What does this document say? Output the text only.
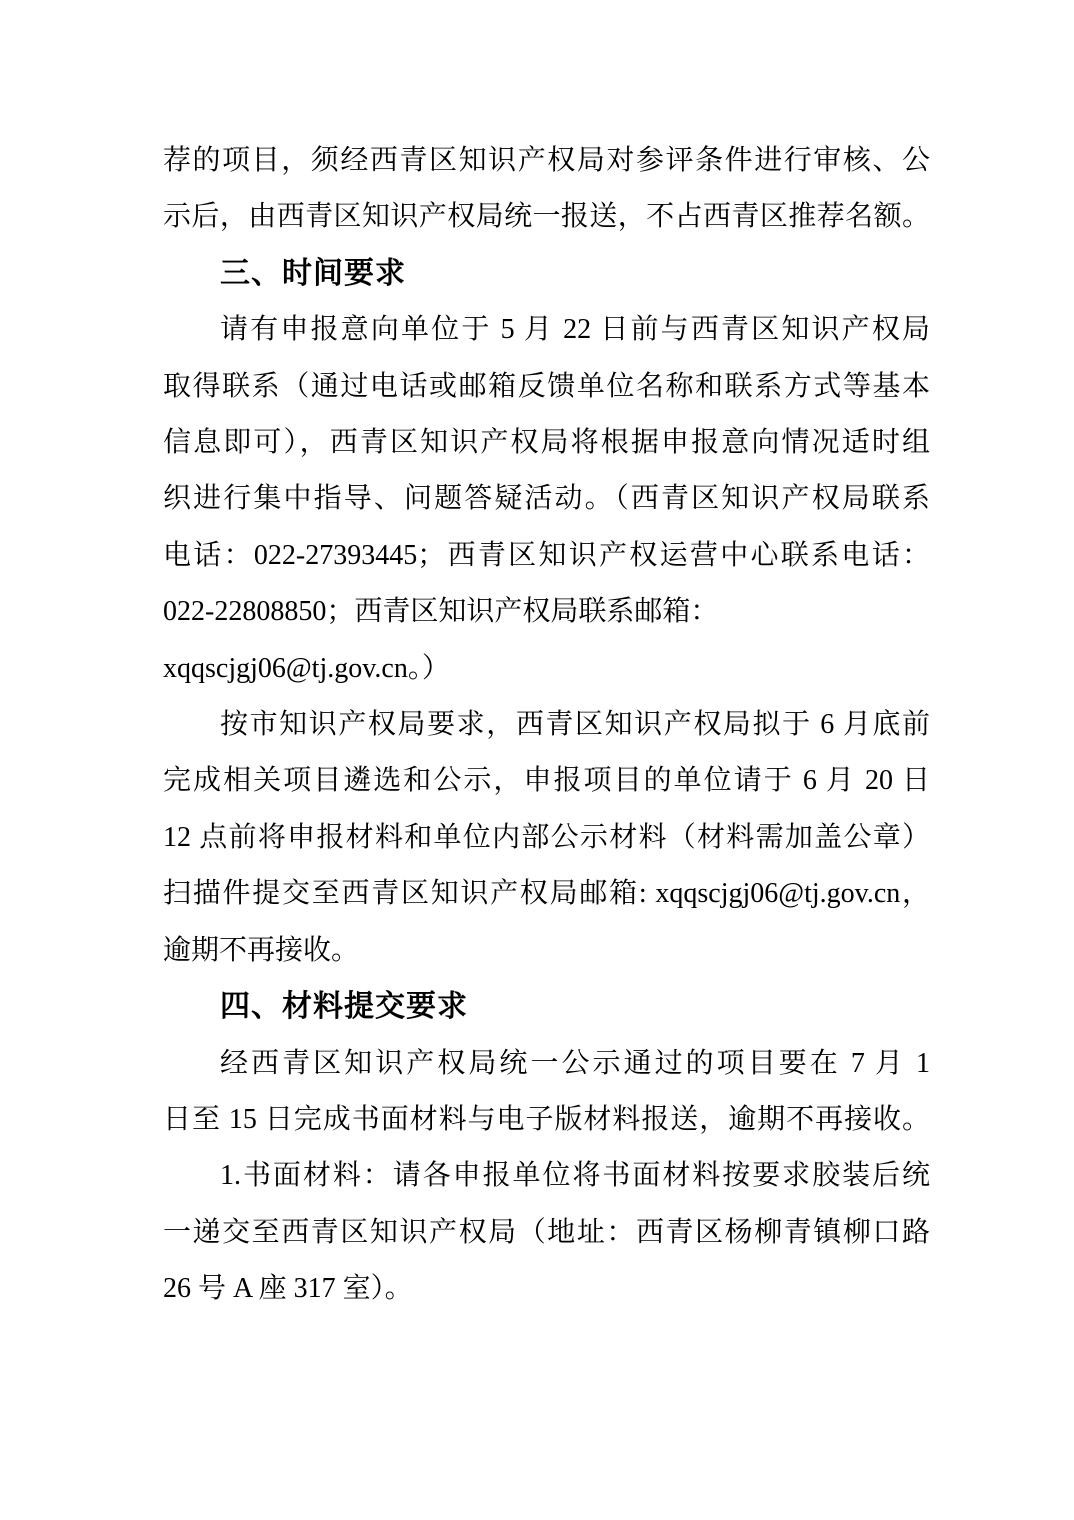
荐的项目，须经西青区知识产权局对参评条件进行审核、公
示后，由西青区知识产权局统一报送，不占西青区推荐名额。
三、时间要求
请有申报意向单位于 5 月 22 日前与西青区知识产权局
取得联系（通过电话或邮箱反馈单位名称和联系方式等基本
信息即可），西青区知识产权局将根据申报意向情况适时组
织进行集中指导、问题答疑活动。（西青区知识产权局联系
电话：022-27393445；西青区知识产权运营中心联系电话：
022-22808850；西青区知识产权局联系邮箱：
xqqscjgj06@tj.gov.cn。）
按市知识产权局要求，西青区知识产权局拟于 6 月底前
完成相关项目遴选和公示，申报项目的单位请于 6 月 20 日
12 点前将申报材料和单位内部公示材料（材料需加盖公章）
扫描件提交至西青区知识产权局邮箱: xqqscjgj06@tj.gov.cn，
逾期不再接收。
四、材料提交要求
经西青区知识产权局统一公示通过的项目要在 7 月 1
日至 15 日完成书面材料与电子版材料报送，逾期不再接收。
1.书面材料：请各申报单位将书面材料按要求胶装后统
一递交至西青区知识产权局（地址：西青区杨柳青镇柳口路
26 号 A 座 317 室）。
